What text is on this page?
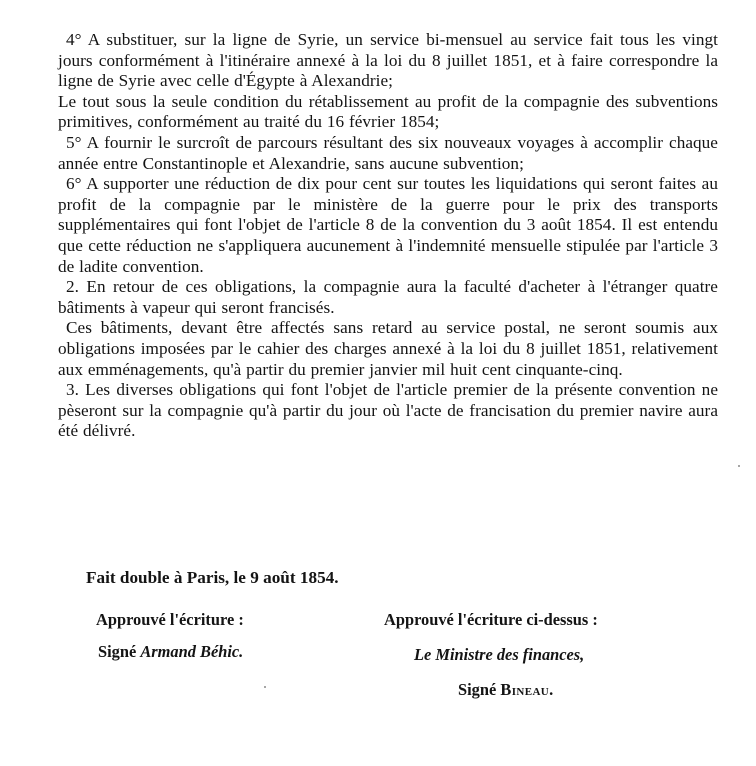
4° A substituer, sur la ligne de Syrie, un service bi-mensuel au service fait tous les vingt jours conformément à l'itinéraire annexé à la loi du 8 juillet 1851, et à faire correspondre la ligne de Syrie avec celle d'Égypte à Alexandrie;

Le tout sous la seule condition du rétablissement au profit de la compagnie des subventions primitives, conformément au traité du 16 février 1854;

5° A fournir le surcroît de parcours résultant des six nouveaux voyages à accomplir chaque année entre Constantinople et Alexandrie, sans aucune subvention;

6° A supporter une réduction de dix pour cent sur toutes les liquidations qui seront faites au profit de la compagnie par le ministère de la guerre pour le prix des transports supplémentaires qui font l'objet de l'article 8 de la convention du 3 août 1854. Il est entendu que cette réduction ne s'appliquera aucunement à l'indemnité mensuelle stipulée par l'article 3 de ladite convention.

2. En retour de ces obligations, la compagnie aura la faculté d'acheter à l'étranger quatre bâtiments à vapeur qui seront francisés.

Ces bâtiments, devant être affectés sans retard au service postal, ne seront soumis aux obligations imposées par le cahier des charges annexé à la loi du 8 juillet 1851, relativement aux emménagements, qu'à partir du premier janvier mil huit cent cinquante-cinq.

3. Les diverses obligations qui font l'objet de l'article premier de la présente convention ne pèseront sur la compagnie qu'à partir du jour où l'acte de francisation du premier navire aura été délivré.

Fait double à Paris, le 9 août 1854.
Approuvé l'écriture :
Signé Armand Béhic.
Approuvé l'écriture ci-dessus :
Le Ministre des finances,
Signé Bineau.
